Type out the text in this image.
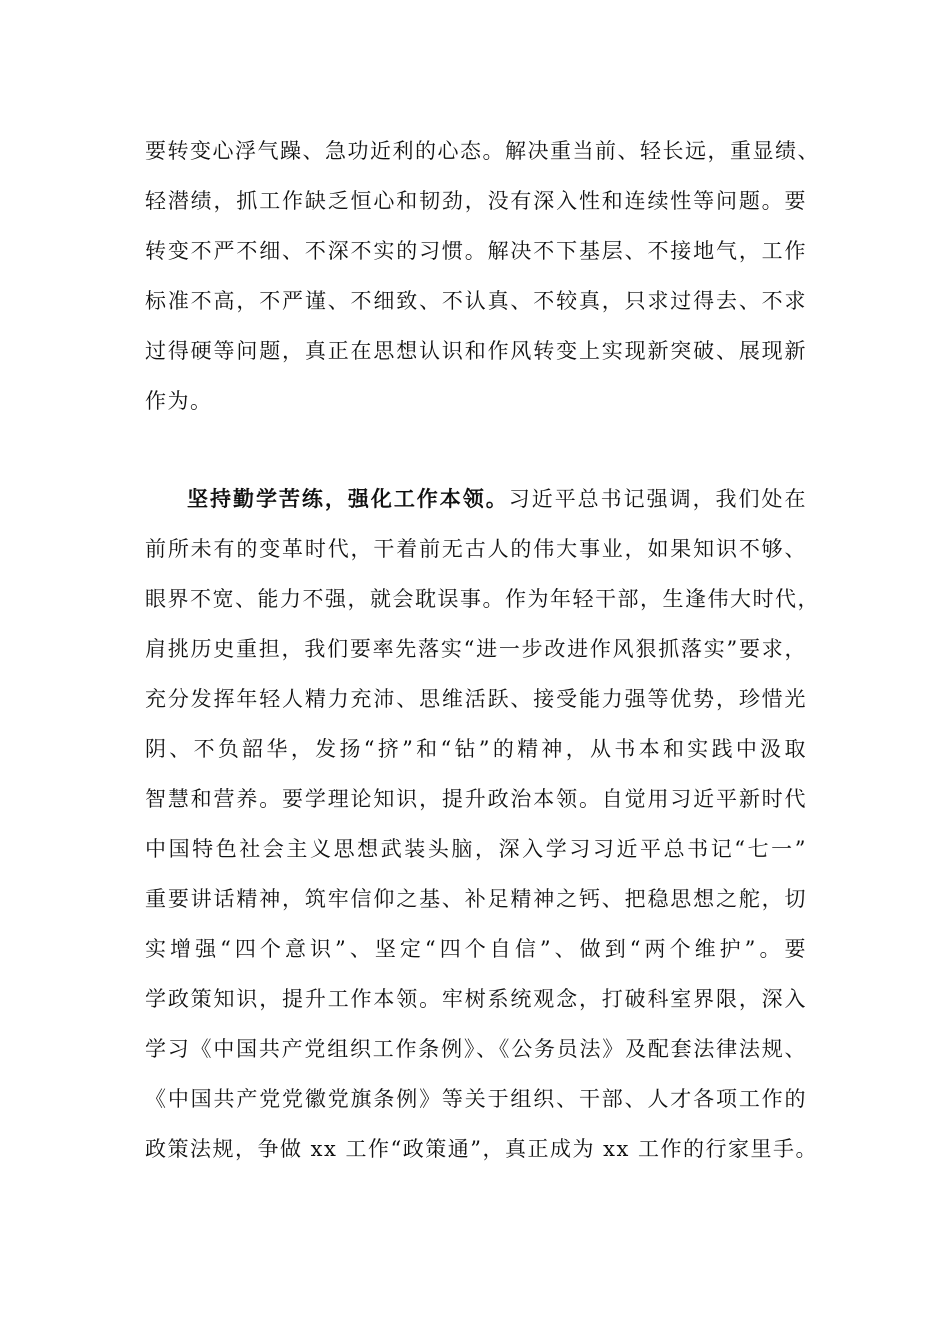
要转变心浮气躁、急功近利的心态。解决重当前、轻长远，重显绩、
轻潜绩，抓工作缺乏恒心和韧劲，没有深入性和连续性等问题。要
转变不严不细、不深不实的习惯。解决不下基层、不接地气，工作
标准不高，不严谨、不细致、不认真、不较真，只求过得去、不求
过得硬等问题，真正在思想认识和作风转变上实现新突破、展现新
作为。
坚持勤学苦练，强化工作本领。习近平总书记强调，我们处在
前所未有的变革时代，干着前无古人的伟大事业，如果知识不够、
眼界不宽、能力不强，就会耽误事。作为年轻干部，生逢伟大时代，
肩挑历史重担，我们要率先落实“进一步改进作风狠抓落实”要求，
充分发挥年轻人精力充沛、思维活跃、接受能力强等优势，珍惜光
阴、不负韶华，发扬“挤”和“钻”的精神，从书本和实践中汲取
智慧和营养。要学理论知识，提升政治本领。自觉用习近平新时代
中国特色社会主义思想武装头脑，深入学习习近平总书记“七一”
重要讲话精神，筑牢信仰之基、补足精神之钙、把稳思想之舵，切
实增强“四个意识”、坚定“四个自信”、做到“两个维护”。要
学政策知识，提升工作本领。牢树系统观念，打破科室界限，深入
学习《中国共产党组织工作条例》、《公务员法》及配套法律法规、
《中国共产党党徽党旗条例》等关于组织、干部、人才各项工作的
政策法规，争做 xx 工作“政策通”，真正成为 xx 工作的行家里手。
